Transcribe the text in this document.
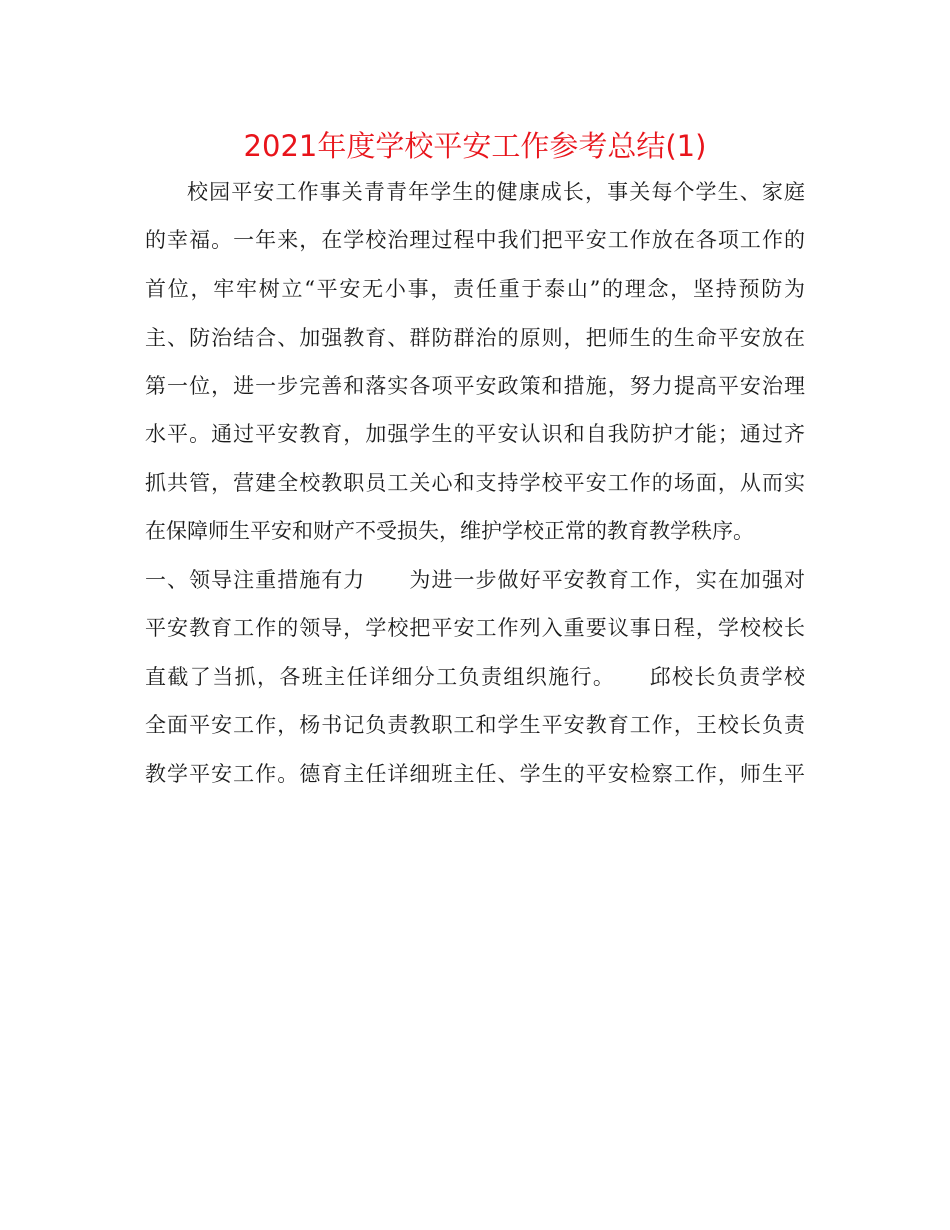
2021年度学校平安工作参考总结(1)

校园平安工作事关青青年学生的健康成长，事关每个学生、家庭

的幸福。一年来，在学校治理过程中我们把平安工作放在各项工作的

首位，牢牢树立“平安无小事，责任重于泰山”的理念，坚持预防为

主、防治结合、加强教育、群防群治的原则，把师生的生命平安放在

第一位，进一步完善和落实各项平安政策和措施，努力提高平安治理

水平。通过平安教育，加强学生的平安认识和自我防护才能；通过齐

抓共管，营建全校教职员工关心和支持学校平安工作的场面，从而实

在保障师生平安和财产不受损失，维护学校正常的教育教学秩序。

一、领导注重措施有力　　为进一步做好平安教育工作，实在加强对

平安教育工作的领导，学校把平安工作列入重要议事日程，学校校长

直截了当抓，各班主任详细分工负责组织施行。　　邱校长负责学校

全面平安工作，杨书记负责教职工和学生平安教育工作，王校长负责

教学平安工作。德育主任详细班主任、学生的平安检察工作，师生平
